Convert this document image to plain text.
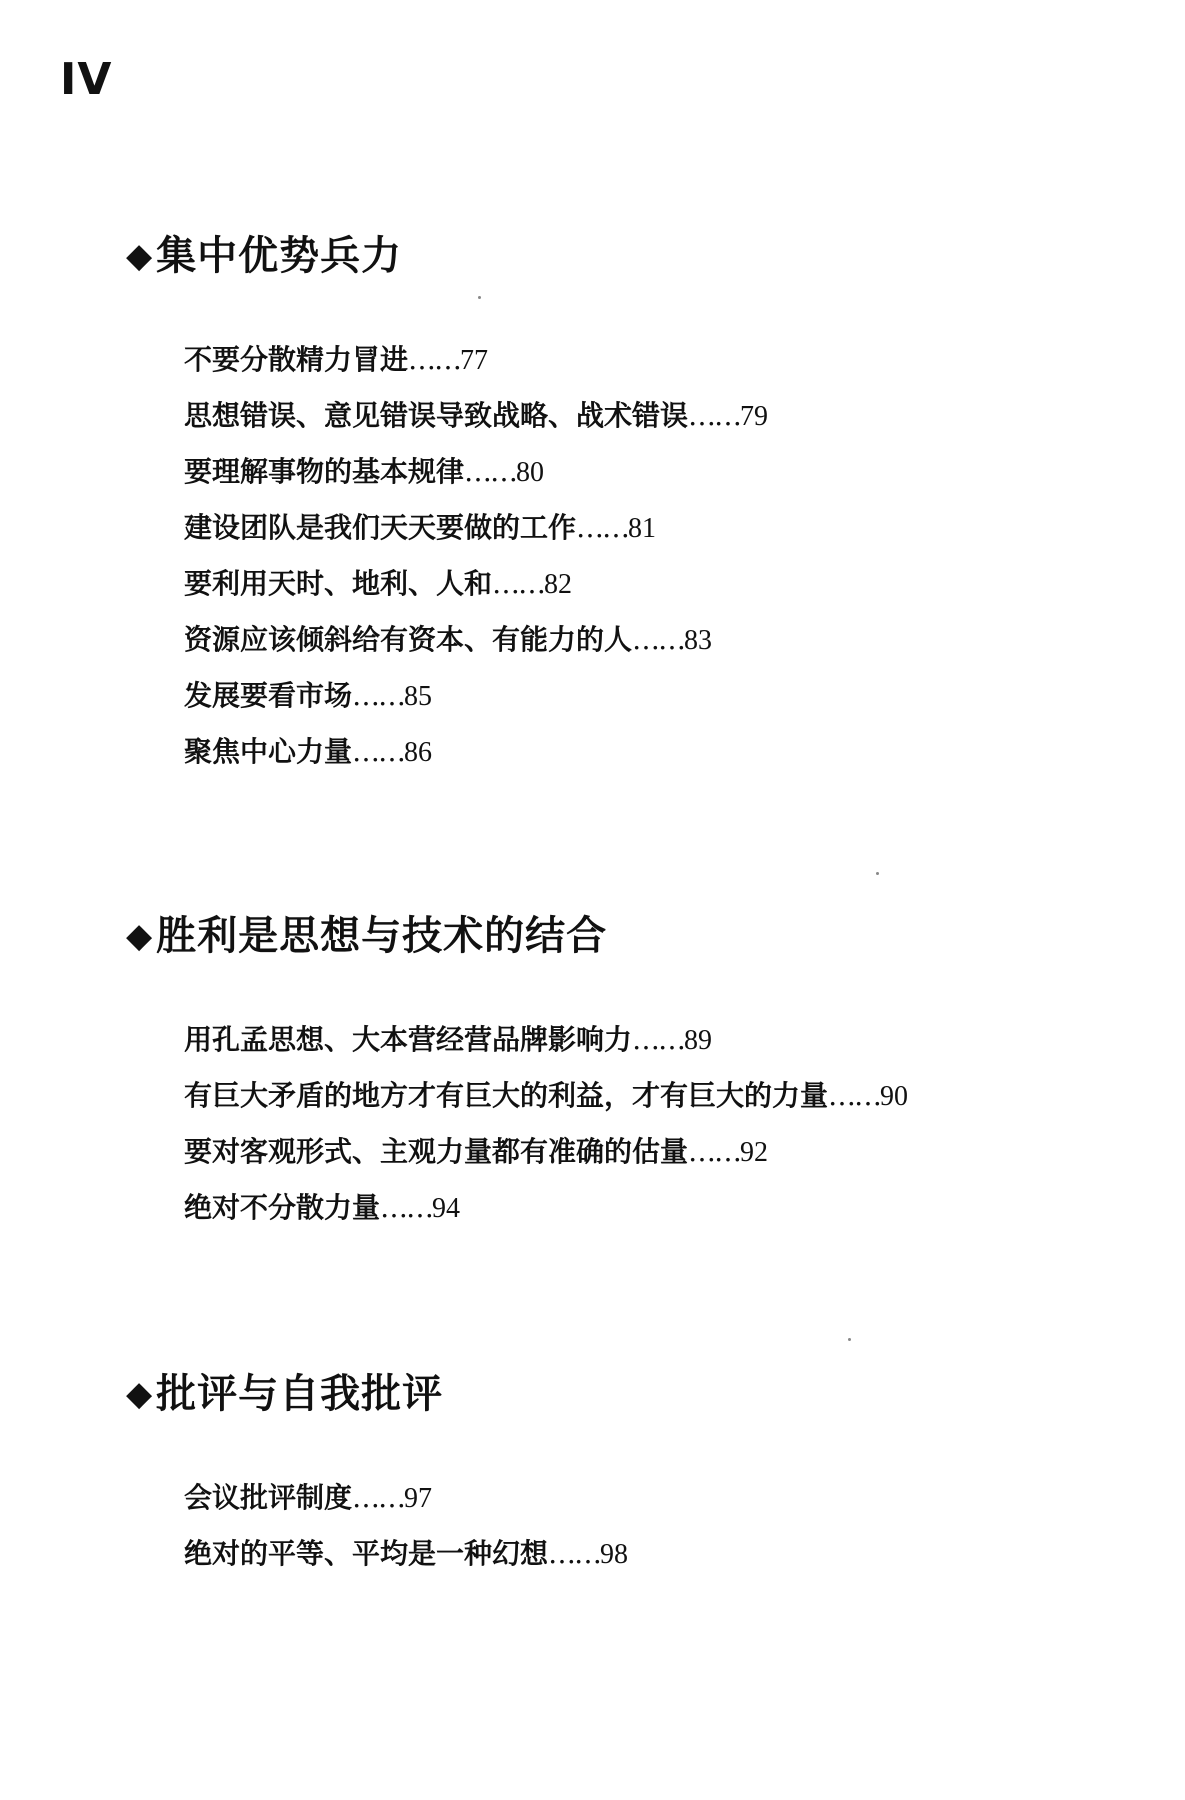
IV
◆ 集中优势兵力
不要分散精力冒进……77
思想错误、意见错误导致战略、战术错误……79
要理解事物的基本规律……80
建设团队是我们天天要做的工作……81
要利用天时、地利、人和……82
资源应该倾斜给有资本、有能力的人……83
发展要看市场……85
聚焦中心力量……86
◆ 胜利是思想与技术的结合
用孔孟思想、大本营经营品牌影响力……89
有巨大矛盾的地方才有巨大的利益，才有巨大的力量……90
要对客观形式、主观力量都有准确的估量……92
绝对不分散力量……94
◆ 批评与自我批评
会议批评制度……97
绝对的平等、平均是一种幻想……98
